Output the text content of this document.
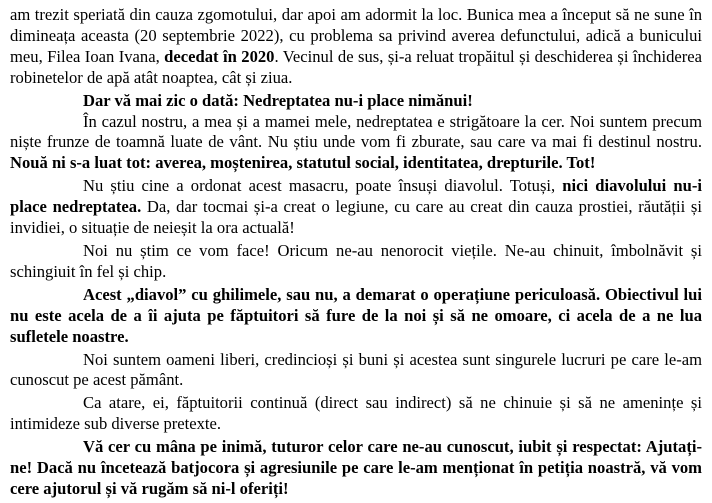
am trezit speriată din cauza zgomotului, dar apoi am adormit la loc. Bunica mea a început să ne sune în dimineața aceasta (20 septembrie 2022), cu problema sa privind averea defunctului, adică a bunicului meu, Filea Ioan Ivana, decedat în 2020. Vecinul de sus, și-a reluat tropăitul și deschiderea și închiderea robinetelor de apă atât noaptea, cât și ziua.

Dar vă mai zic o dată: Nedreptatea nu-i place nimănui!

În cazul nostru, a mea și a mamei mele, nedreptatea e strigătoare la cer. Noi suntem precum niște frunze de toamnă luate de vânt. Nu știu unde vom fi zburate, sau care va mai fi destinul nostru. Nouă ni s-a luat tot: averea, moștenirea, statutul social, identitatea, drepturile. Tot!

Nu știu cine a ordonat acest masacru, poate însuși diavolul. Totuși, nici diavolului nu-i place nedreptatea. Da, dar tocmai și-a creat o legiune, cu care au creat din cauza prostiei, răutății și invidiei, o situație de neieșit la ora actuală!

Noi nu știm ce vom face! Oricum ne-au nenorocit viețile. Ne-au chinuit, îmbolnăvit și schingiuit în fel și chip.

Acest „diavol” cu ghilimele, sau nu, a demarat o operațiune periculoasă. Obiectivul lui nu este acela de a îi ajuta pe făptuitori să fure de la noi și să ne omoare, ci acela de a ne lua sufletele noastre.

Noi suntem oameni liberi, credincioși și buni și acestea sunt singurele lucruri pe care le-am cunoscut pe acest pământ.

Ca atare, ei, făptuitorii continuă (direct sau indirect) să ne chinuie și să ne amenințe și intimideze sub diverse pretexte.

Vă cer cu mâna pe inimă, tuturor celor care ne-au cunoscut, iubit și respectat: Ajutați-ne! Dacă nu încetează batjocora și agresiunile pe care le-am menționat în petiția noastră, vă vom cere ajutorul și vă rugăm să ni-l oferiți!
